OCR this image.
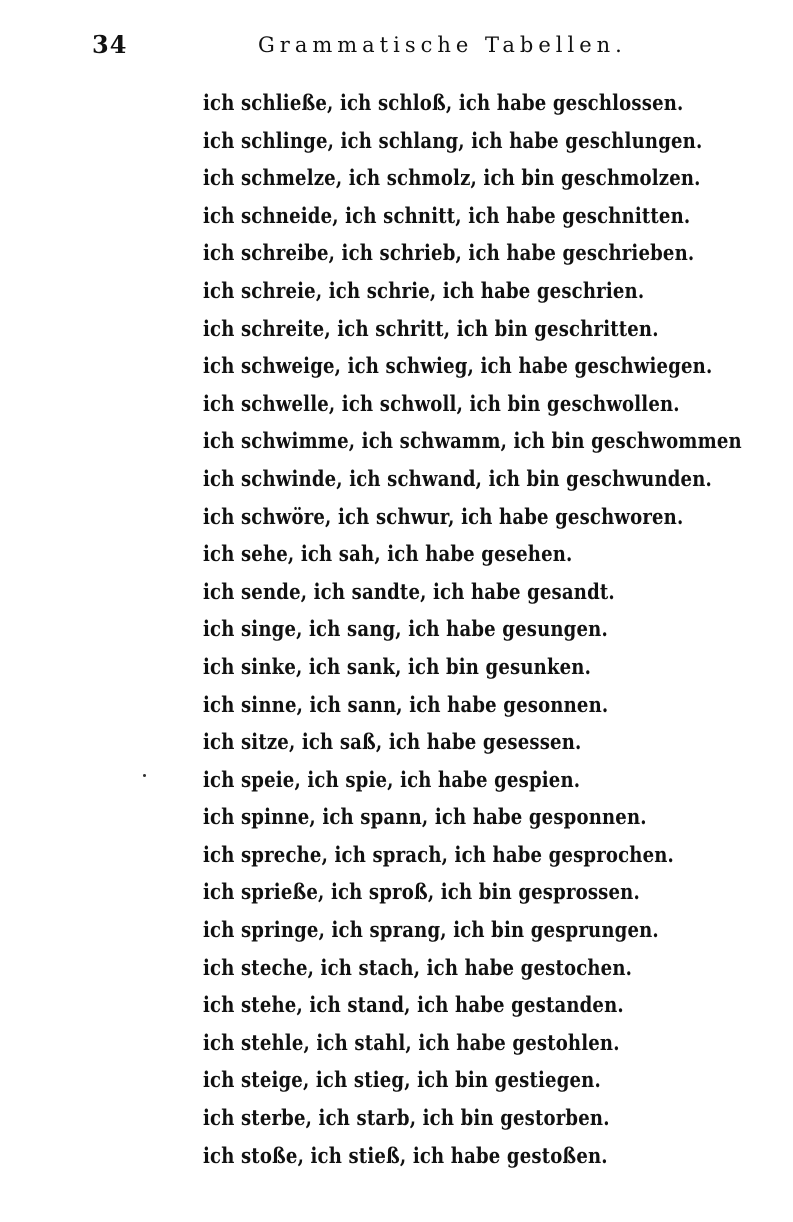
34	Grammatische Tabellen.
ich schließe, ich schloß, ich habe geschlossen.
ich schlinge, ich schlang, ich habe geschlungen.
ich schmelze, ich schmolz, ich bin geschmolzen.
ich schneide, ich schnitt, ich habe geschnitten.
ich schreibe, ich schrieb, ich habe geschrieben.
ich schreie, ich schrie, ich habe geschrien.
ich schreite, ich schritt, ich bin geschritten.
ich schweige, ich schwieg, ich habe geschwiegen.
ich schwelle, ich schwoll, ich bin geschwollen.
ich schwimme, ich schwamm, ich bin geschwommen
ich schwinde, ich schwand, ich bin geschwunden.
ich schwöre, ich schwur, ich habe geschworen.
ich sehe, ich sah, ich habe gesehen.
ich sende, ich sandte, ich habe gesandt.
ich singe, ich sang, ich habe gesungen.
ich sinke, ich sank, ich bin gesunken.
ich sinne, ich sann, ich habe gesonnen.
ich sitze, ich saß, ich habe gesessen.
ich speie, ich spie, ich habe gespien.
ich spinne, ich spann, ich habe gesponnen.
ich spreche, ich sprach, ich habe gesprochen.
ich sprieße, ich sproß, ich bin gesprossen.
ich springe, ich sprang, ich bin gesprungen.
ich steche, ich stach, ich habe gestochen.
ich stehe, ich stand, ich habe gestanden.
ich stehle, ich stahl, ich habe gestohlen.
ich steige, ich stieg, ich bin gestiegen.
ich sterbe, ich starb, ich bin gestorben.
ich stoße, ich stieß, ich habe gestoßen.
